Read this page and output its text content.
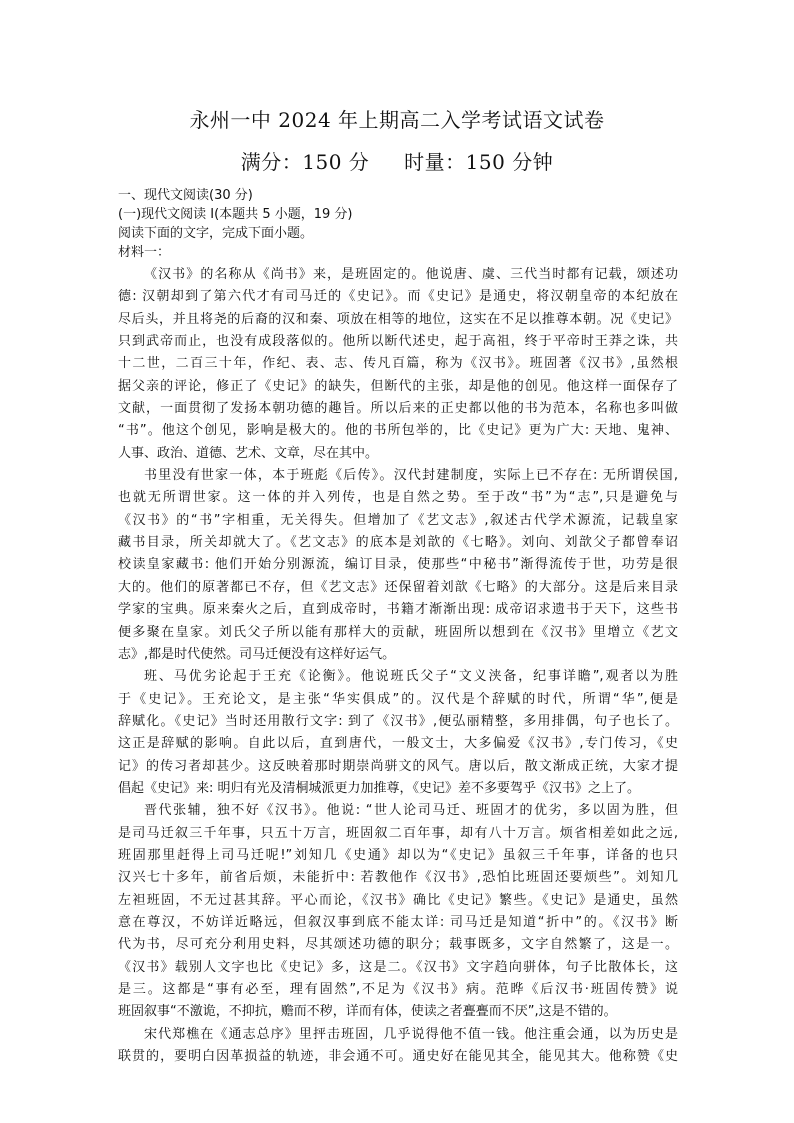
永州一中 2024 年上期高二入学考试语文试卷
满分：150 分 时量：150 分钟
一、现代文阅读(30 分)
(一)现代文阅读 I(本题共 5 小题，19 分)
阅读下面的文字，完成下面小题。
材料一：
《汉书》的名称从《尚书》来，是班固定的。他说唐、虞、三代当时都有记载，颂述功
德: 汉朝却到了第六代才有司马迁的《史记》。而《史记》是通史，将汉朝皇帝的本纪放在
尽后头，并且将尧的后裔的汉和秦、项放在相等的地位，这实在不足以推尊本朝。况《史记》
只到武帝而止，也没有成段落似的。他所以断代述史，起于高祖，终于平帝时王莽之诛，共
十二世，二百三十年，作纪、表、志、传凡百篇，称为《汉书》。班固著《汉书》,虽然根
据父亲的评论，修正了《史记》的缺失，但断代的主张，却是他的创见。他这样一面保存了
文献，一面贯彻了发扬本朝功德的趣旨。所以后来的正史都以他的书为范本，名称也多叫做
“书”。他这个创见，影响是极大的。他的书所包举的，比《史记》更为广大: 天地、鬼神、
人事、政治、道德、艺术、文章，尽在其中。
书里没有世家一体，本于班彪《后传》。汉代封建制度，实际上已不存在: 无所谓侯国,
也就无所谓世家。这一体的并入列传，也是自然之势。至于改“书”为“志”,只是避免与
《汉书》的“书”字相重，无关得失。但增加了《艺文志》,叙述古代学术源流，记载皇家
藏书目录，所关却就大了。《艺文志》的底本是刘歆的《七略》。刘向、刘歆父子都曾奉诏
校读皇家藏书: 他们开始分别源流，编订目录，使那些“中秘书”渐得流传于世，功劳是很
大的。他们的原著都已不存，但《艺文志》还保留着刘歆《七略》的大部分。这是后来目录
学家的宝典。原来秦火之后，直到成帝时，书籍才渐渐出现: 成帝诏求遗书于天下，这些书
便多聚在皇家。刘氏父子所以能有那样大的贡献，班固所以想到在《汉书》里增立《艺文
志》,都是时代使然。司马迁便没有这样好运气。
班、马优劣论起于王充《论衡》。他说班氏父子“文义浃备，纪事详瞻”,观者以为胜
于《史记》。王充论文，是主张“华实俱成”的。汉代是个辞赋的时代，所谓“华”,便是
辞赋化。《史记》当时还用散行文字: 到了《汉书》,便弘丽精整，多用排偶，句子也长了。
这正是辞赋的影响。自此以后，直到唐代，一般文士，大多偏爱《汉书》,专门传习，《史
记》的传习者却甚少。这反映着那时期崇尚骈文的风气。唐以后，散文渐成正统，大家才提
倡起《史记》来: 明归有光及清桐城派更力加推尊，《史记》差不多要驾乎《汉书》之上了。
晋代张辅，独不好《汉书》。他说: “世人论司马迁、班固才的优劣，多以固为胜，但
是司马迁叙三千年事，只五十万言，班固叙二百年事，却有八十万言。烦省相差如此之远,
班固那里赶得上司马迁呢!”刘知几《史通》却以为“《史记》虽叙三千年事，详备的也只
汉兴七十多年，前省后烦，未能折中: 若教他作《汉书》,恐怕比班固还要烦些”。刘知几
左袒班固，不无过甚其辞。平心而论，《汉书》确比《史记》繁些。《史记》是通史，虽然
意在尊汉，不妨详近略远，但叙汉事到底不能太详: 司马迁是知道“折中”的。《汉书》断
代为书，尽可充分利用史料，尽其颂述功德的职分；载事既多，文字自然繁了，这是一。
《汉书》载别人文字也比《史记》多，这是二。《汉书》文字趋向骈体，句子比散体长，这
是三。这都是“事有必至，理有固然”,不足为《汉书》病。范晔《后汉书·班固传赞》说
班固叙事“不激诡，不抑抗，赡而不秽，详而有体，使读之者亹亹而不厌”,这是不错的。
宋代郑樵在《通志总序》里抨击班固，几乎说得他不值一钱。他注重会通，以为历史是
联贯的，要明白因革损益的轨迹，非会通不可。通史好在能见其全，能见其大。他称赞《史
